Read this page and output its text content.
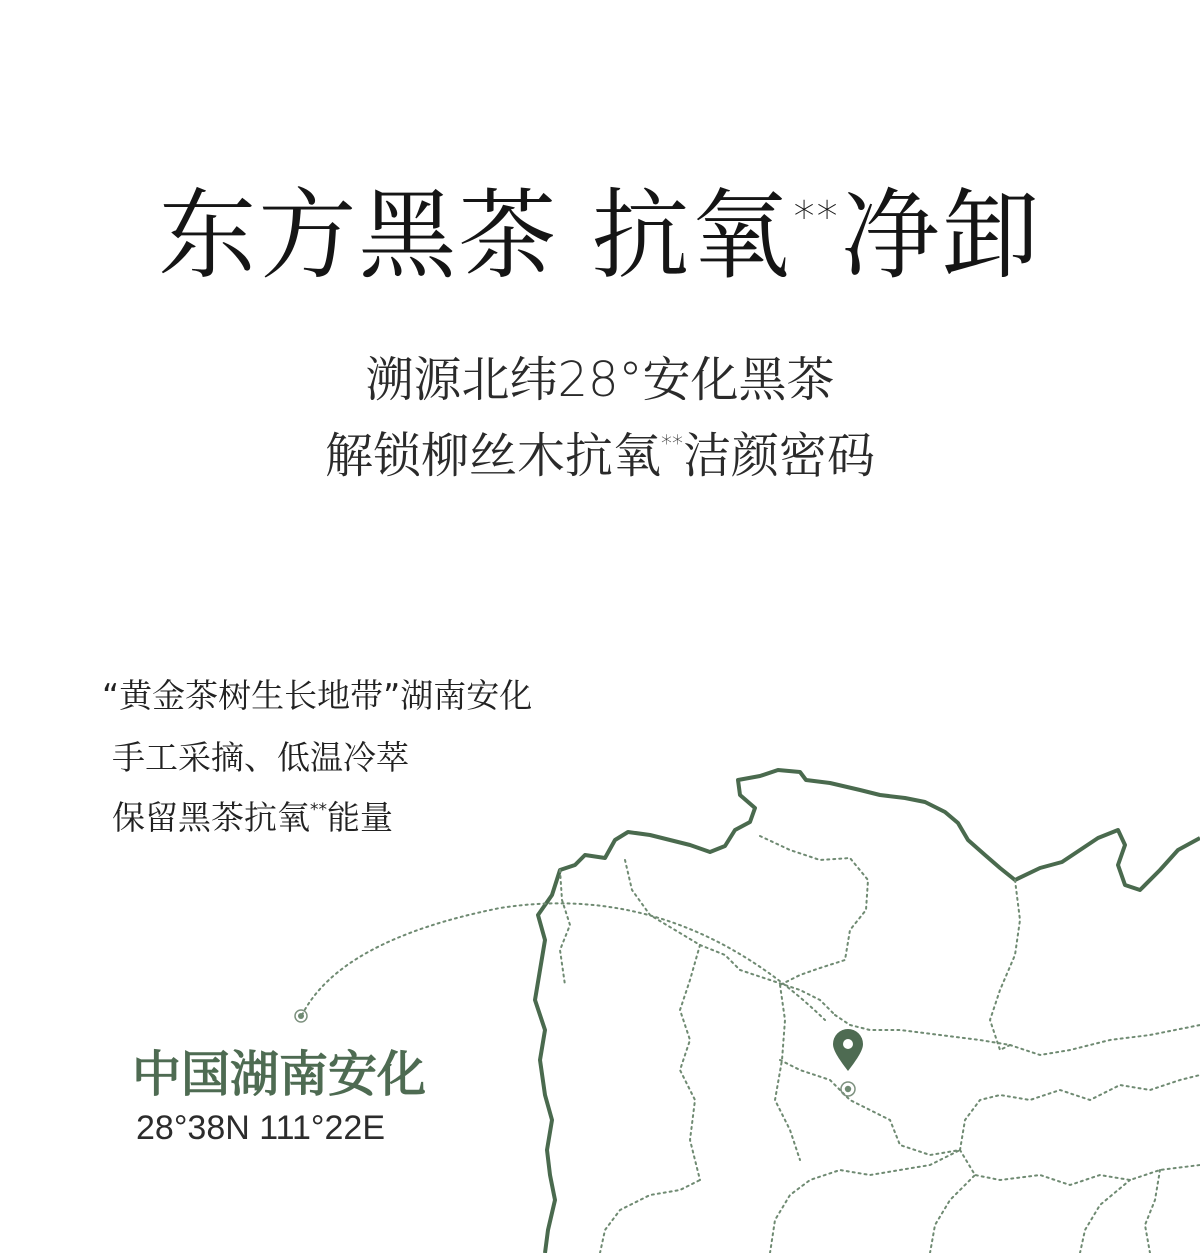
东方黑茶 抗氧**净卸
溯源北纬28°安化黑茶
解锁柳丝木抗氧**洁颜密码
“黄金茶树生长地带”湖南安化
手工采摘、低温冷萃
保留黑茶抗氧**能量
中国湖南安化
28°38N 111°22E
